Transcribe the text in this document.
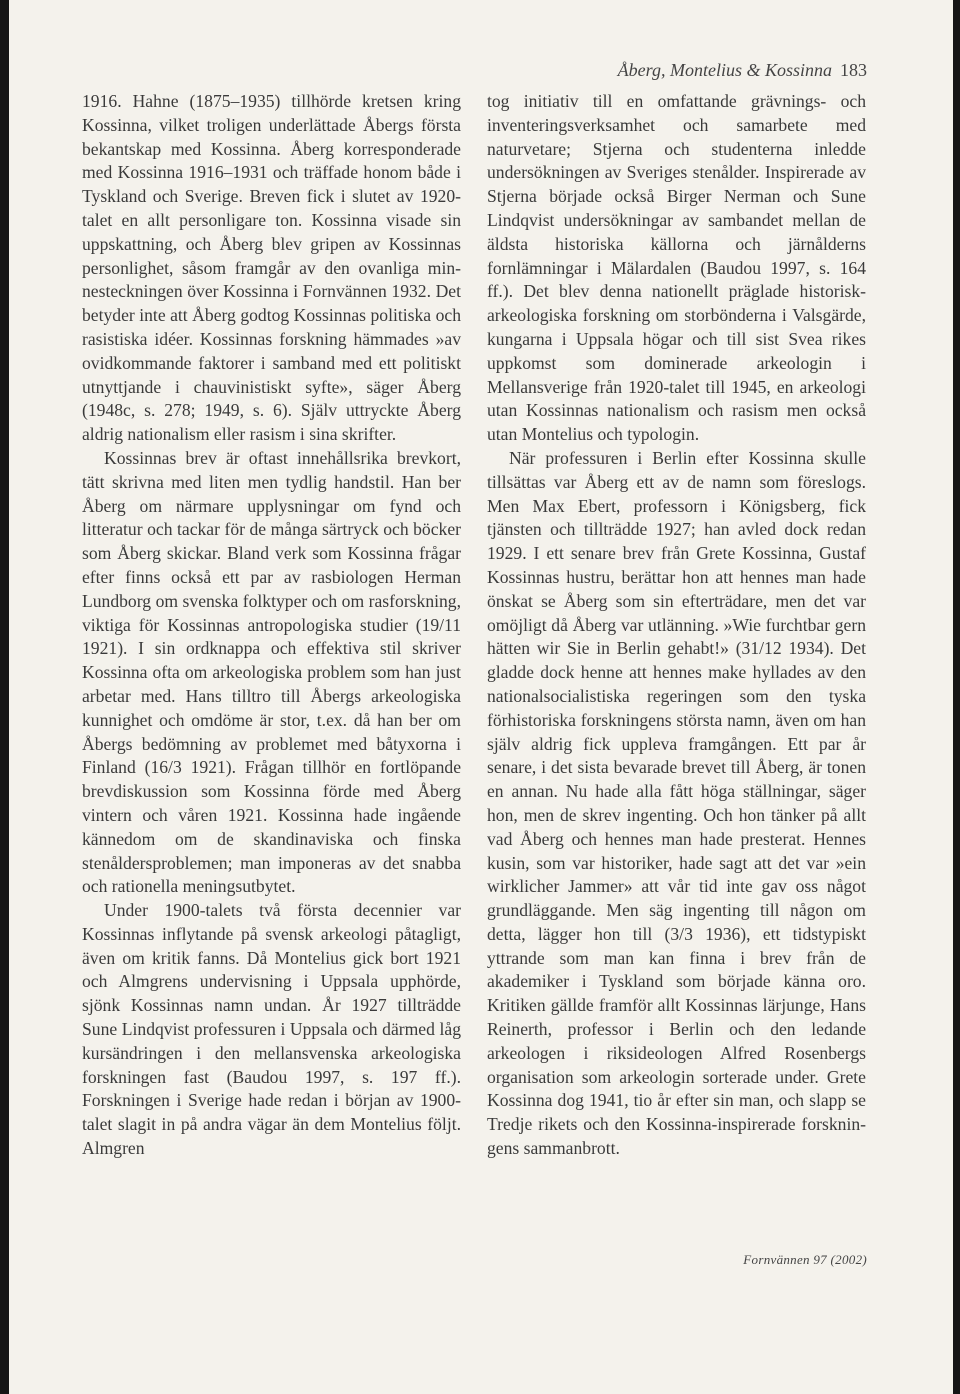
Åberg, Montelius & Kossinna 183

1916. Hahne (1875–1935) tillhörde kretsen kring Kossinna, vilket troligen underlättade Åbergs första bekantskap med Kossinna. Åberg korresponderade med Kossinna 1916–1931 och träffade honom både i Tyskland och Sverige. Breven fick i slutet av 1920-talet en allt personligare ton. Kossinna visade sin uppskattning, och Åberg blev gripen av Kossinnas personlighet, såsom framgår av den ovanliga minnesteckningen över Kossinna i Fornvännen 1932. Det betyder inte att Åberg godtog Kossinnas politiska och rasistiska idéer. Kossinnas forskning hämmades »av ovidkommande faktorer i samband med ett politiskt utnyttjande i chauvinistiskt syfte», säger Åberg (1948c, s. 278; 1949, s. 6). Själv uttryckte Åberg aldrig nationalism eller rasism i sina skrifter.

Kossinnas brev är oftast innehållsrika brevkort, tätt skrivna med liten men tydlig handstil. Han ber Åberg om närmare upplysningar om fynd och litteratur och tackar för de många särtryck och böcker som Åberg skickar. Bland verk som Kossinna frågar efter finns också ett par av rasbiologen Herman Lundborg om svenska folktyper och om rasforskning, viktiga för Kossinnas antropologiska studier (19/11 1921). I sin ordknappa och effektiva stil skriver Kossinna ofta om arkeologiska problem som han just arbetar med. Hans tilltro till Åbergs arkeologiska kunnighet och omdöme är stor, t.ex. då han ber om Åbergs bedömning av problemet med båtyxorna i Finland (16/3 1921). Frågan tillhör en fortlöpande brevdiskussion som Kossinna förde med Åberg vintern och våren 1921. Kossinna hade ingående kännedom om de skandinaviska och finska stenåldersproblemen; man imponeras av det snabba och rationella meningsutbytet.

Under 1900-talets två första decennier var Kossinnas inflytande på svensk arkeologi påtagligt, även om kritik fanns. Då Montelius gick bort 1921 och Almgrens undervisning i Uppsala upphörde, sjönk Kossinnas namn undan. År 1927 tillträdde Sune Lindqvist professuren i Uppsala och därmed låg kursändringen i den mellansvenska arkeologiska forskningen fast (Baudou 1997, s. 197 ff.). Forskningen i Sverige hade redan i början av 1900-talet slagit in på andra vägar än dem Montelius följt. Almgren

tog initiativ till en omfattande grävnings- och inventeringsverksamhet och samarbete med naturvetare; Stjerna och studenterna inledde undersökningen av Sveriges stenålder. Inspirerade av Stjerna började också Birger Nerman och Sune Lindqvist undersökningar av sambandet mellan de äldsta historiska källorna och järnålderns fornlämningar i Mälardalen (Baudou 1997, s. 164 ff.). Det blev denna nationellt präglade historisk-arkeologiska forskning om storbönderna i Valsgärde, kungarna i Uppsala högar och till sist Svea rikes uppkomst som dominerade arkeologin i Mellansverige från 1920-talet till 1945, en arkeologi utan Kossinnas nationalism och rasism men också utan Montelius och typologin.

När professuren i Berlin efter Kossinna skulle tillsättas var Åberg ett av de namn som föreslogs. Men Max Ebert, professorn i Königsberg, fick tjänsten och tillträdde 1927; han avled dock redan 1929. I ett senare brev från Grete Kossinna, Gustaf Kossinnas hustru, berättar hon att hennes man hade önskat se Åberg som sin efterträdare, men det var omöjligt då Åberg var utlänning. »Wie furchtbar gern hätten wir Sie in Berlin gehabt!» (31/12 1934). Det gladde dock henne att hennes make hyllades av den nationalsocialistiska regeringen som den tyska förhistoriska forskningens största namn, även om han själv aldrig fick uppleva framgången. Ett par år senare, i det sista bevarade brevet till Åberg, är tonen en annan. Nu hade alla fått höga ställningar, säger hon, men de skrev ingenting. Och hon tänker på allt vad Åberg och hennes man hade presterat. Hennes kusin, som var historiker, hade sagt att det var »ein wirklicher Jammer» att vår tid inte gav oss något grundläggande. Men säg ingenting till någon om detta, lägger hon till (3/3 1936), ett tidstypiskt yttrande som man kan finna i brev från de akademiker i Tyskland som började känna oro. Kritiken gällde framför allt Kossinnas lärjunge, Hans Reinerth, professor i Berlin och den ledande arkeologen i riksideologen Alfred Rosenbergs organisation som arkeologin sorterade under. Grete Kossinna dog 1941, tio år efter sin man, och slapp se Tredje rikets och den Kossinna-inspirerade forskningens sammanbrott.

Fornvännen 97 (2002)
